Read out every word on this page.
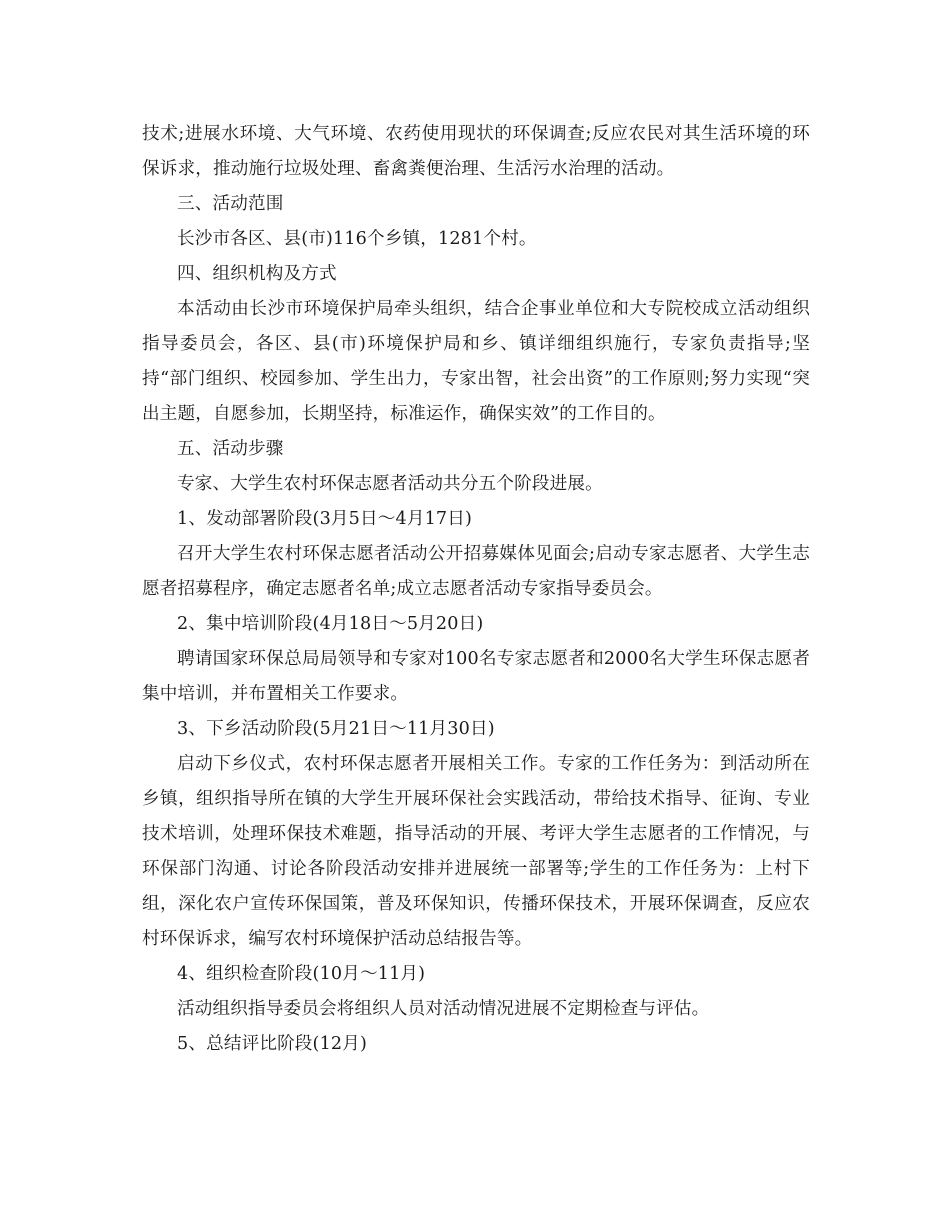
技术;进展水环境、大气环境、农药使用现状的环保调查;反应农民对其生活环境的环保诉求，推动施行垃圾处理、畜禽粪便治理、生活污水治理的活动。

三、活动范围

长沙市各区、县(市)116个乡镇，1281个村。

四、组织机构及方式

本活动由长沙市环境保护局牵头组织，结合企事业单位和大专院校成立活动组织指导委员会，各区、县(市)环境保护局和乡、镇详细组织施行，专家负责指导;坚持“部门组织、校园参加、学生出力，专家出智，社会出资”的工作原则;努力实现“突出主题，自愿参加，长期坚持，标准运作，确保实效”的工作目的。

五、活动步骤

专家、大学生农村环保志愿者活动共分五个阶段进展。

1、发动部署阶段(3月5日～4月17日)

召开大学生农村环保志愿者活动公开招募媒体见面会;启动专家志愿者、大学生志愿者招募程序，确定志愿者名单;成立志愿者活动专家指导委员会。

2、集中培训阶段(4月18日～5月20日)

聘请国家环保总局局领导和专家对100名专家志愿者和2000名大学生环保志愿者集中培训，并布置相关工作要求。

3、下乡活动阶段(5月21日～11月30日)

启动下乡仪式，农村环保志愿者开展相关工作。专家的工作任务为：到活动所在乡镇，组织指导所在镇的大学生开展环保社会实践活动，带给技术指导、征询、专业技术培训，处理环保技术难题，指导活动的开展、考评大学生志愿者的工作情况，与环保部门沟通、讨论各阶段活动安排并进展统一部署等;学生的工作任务为：上村下组，深化农户宣传环保国策，普及环保知识，传播环保技术，开展环保调查，反应农村环保诉求，编写农村环境保护活动总结报告等。

4、组织检查阶段(10月～11月)

活动组织指导委员会将组织人员对活动情况进展不定期检查与评估。

5、总结评比阶段(12月)
